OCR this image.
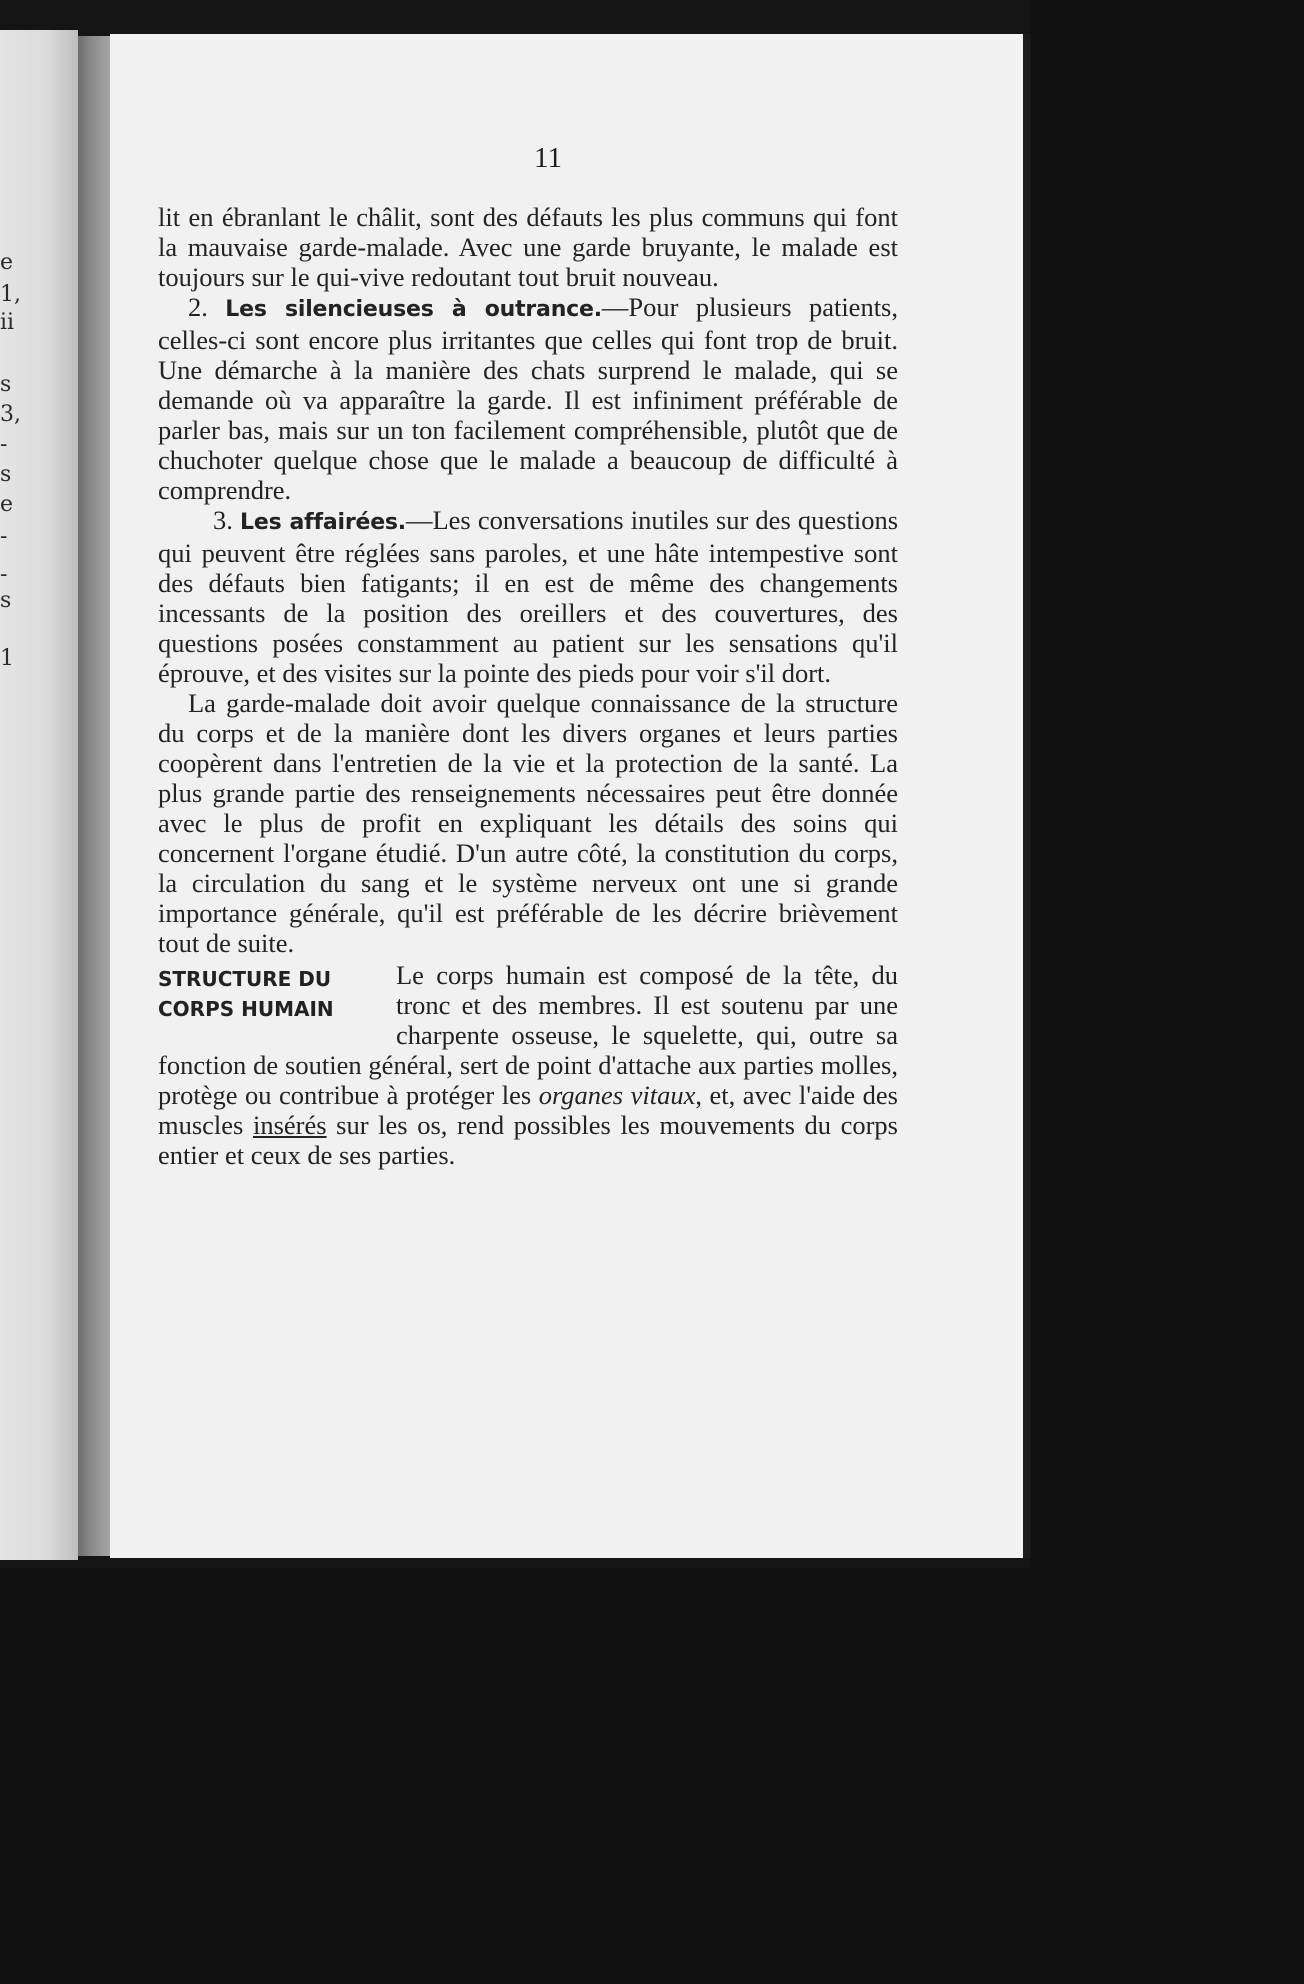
e
1,
ii
s
3,
-
s
e
-
-
s
1
11

lit en ébranlant le châlit, sont des défauts les plus communs qui font la mauvaise garde-malade. Avec une garde bruyante, le malade est toujours sur le qui-vive redoutant tout bruit nouveau.

2. Les silencieuses à outrance.—Pour plusieurs patients, celles-ci sont encore plus irritantes que celles qui font trop de bruit. Une démarche à la manière des chats surprend le malade, qui se demande où va apparaître la garde. Il est infiniment préférable de parler bas, mais sur un ton facilement compréhensible, plutôt que de chuchoter quelque chose que le malade a beaucoup de difficulté à comprendre.

3. Les affairées.—Les conversations inutiles sur des questions qui peuvent être réglées sans paroles, et une hâte intempestive sont des défauts bien fatigants; il en est de même des changements incessants de la position des oreillers et des couvertures, des questions posées constamment au patient sur les sensations qu'il éprouve, et des visites sur la pointe des pieds pour voir s'il dort.

La garde-malade doit avoir quelque connaissance de la structure du corps et de la manière dont les divers organes et leurs parties coopèrent dans l'entretien de la vie et la protection de la santé. La plus grande partie des renseignements nécessaires peut être donnée avec le plus de profit en expliquant les détails des soins qui concernent l'organe étudié. D'un autre côté, la constitution du corps, la circulation du sang et le système nerveux ont une si grande importance générale, qu'il est préférable de les décrire brièvement tout de suite.

STRUCTURE DU
CORPS HUMAIN

Le corps humain est composé de la tête, du tronc et des membres. Il est soutenu par une charpente osseuse, le squelette, qui, outre sa fonction de soutien général, sert de point d'attache aux parties molles, protège ou contribue à protéger les organes vitaux, et, avec l'aide des muscles insérés sur les os, rend possibles les mouvements du corps entier et ceux de ses parties.
